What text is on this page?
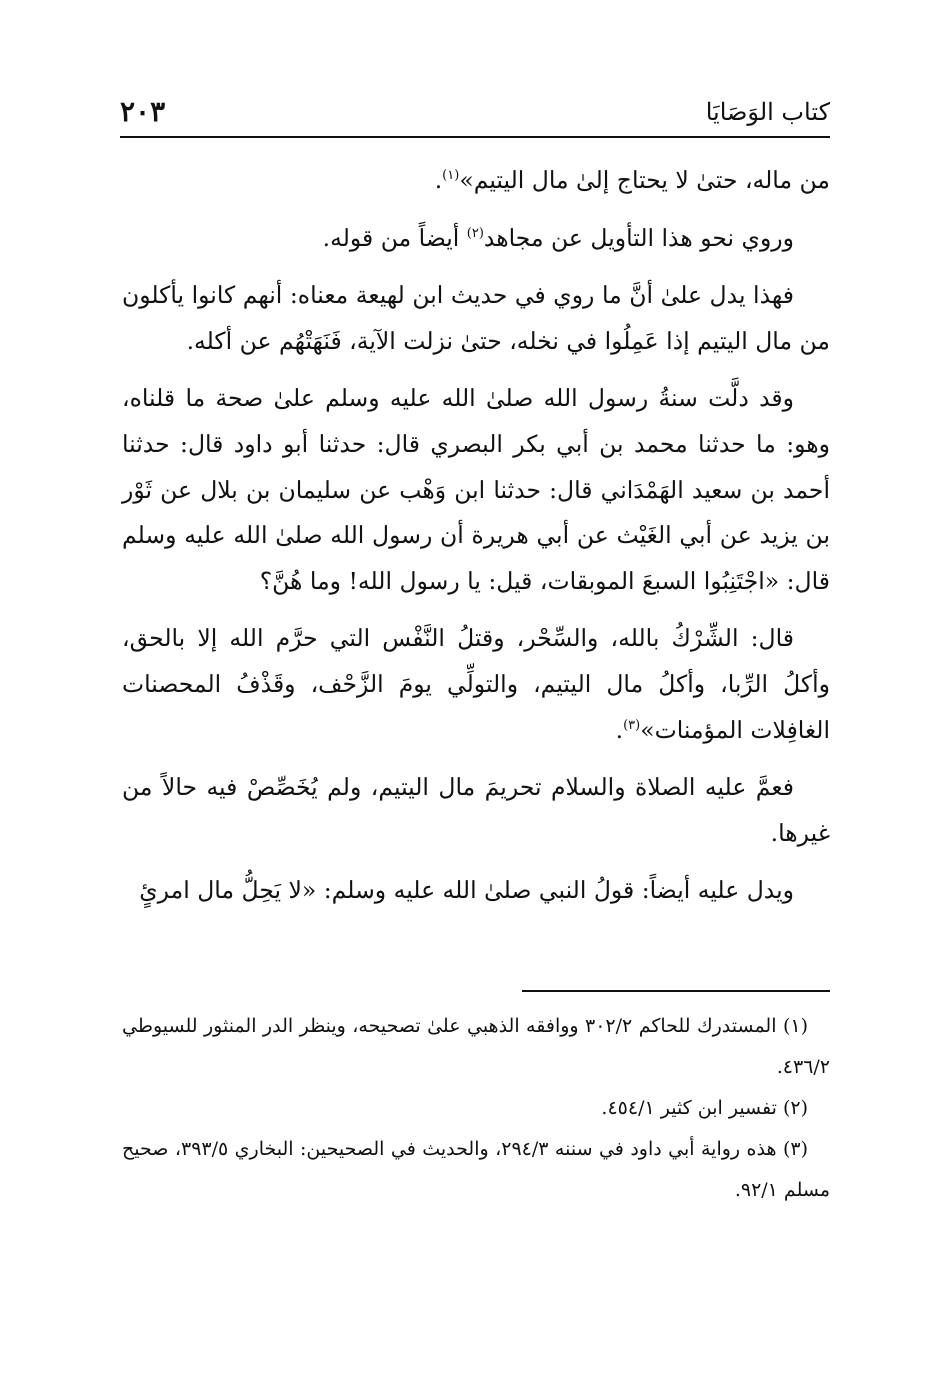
كتاب الوَصَايَا
٢٠٣

من ماله، حتىٰ لا يحتاج إلىٰ مال اليتيم»$^{(١)}$.

وروي نحو هذا التأويل عن مجاهد$^{(٢)}$ أيضاً من قوله.

فهذا يدل علىٰ أنَّ ما روي في حديث ابن لهيعة معناه: أنهم كانوا يأكلون من مال اليتيم إذا عَمِلُوا في نخله، حتىٰ نزلت الآية، فَنَهَتْهُم عن أكله.

وقد دلَّت سنةُ رسول الله صلىٰ الله عليه وسلم علىٰ صحة ما قلناه، وهو: ما حدثنا محمد بن أبي بكر البصري قال: حدثنا أبو داود قال: حدثنا أحمد بن سعيد الهَمْدَاني قال: حدثنا ابن وَهْب عن سليمان بن بلال عن ثَوْر بن يزيد عن أبي الغَيْث عن أبي هريرة أن رسول الله صلىٰ الله عليه وسلم قال: «اجْتَنِبُوا السبعَ الموبقات، قيل: يا رسول الله! وما هُنَّ؟

قال: الشِّرْكُ بالله، والسِّحْر، وقتلُ النَّفْس التي حرَّم الله إلا بالحق، وأكلُ الرِّبا، وأكلُ مال اليتيم، والتولِّي يومَ الزَّحْف، وقَذْفُ المحصنات الغافِلات المؤمنات»$^{(٣)}$.

فعمَّ عليه الصلاة والسلام تحريمَ مال اليتيم، ولم يُخَصِّصْ فيه حالاً من غيرها.

ويدل عليه أيضاً: قولُ النبي صلىٰ الله عليه وسلم: «لا يَحِلُّ مال امرئٍ

(١) المستدرك للحاكم ٣٠٢/٢ ووافقه الذهبي علىٰ تصحيحه، وينظر الدر المنثور للسيوطي ٤٣٦/٢.

(٢) تفسير ابن كثير ٤٥٤/١.

(٣) هذه رواية أبي داود في سننه ٢٩٤/٣، والحديث في الصحيحين: البخاري ٣٩٣/٥، صحيح مسلم ٩٢/١.
